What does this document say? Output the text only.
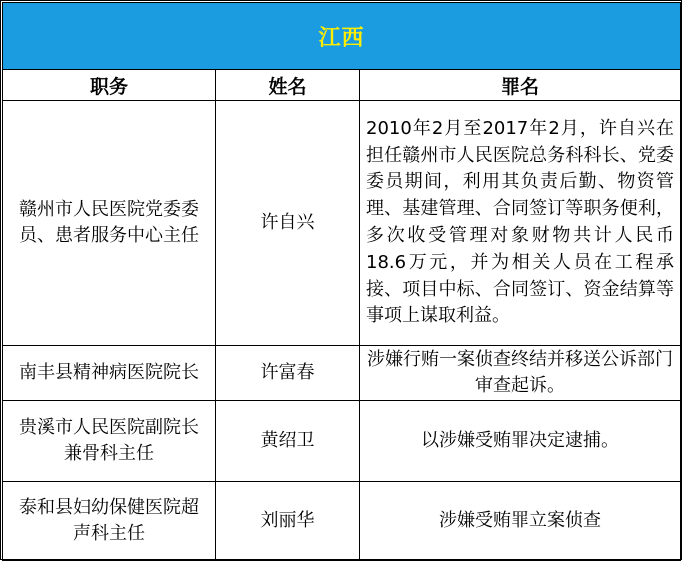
江西		
职务	姓名	罪名
赣州市人民医院党委委员、患者服务中心主任	许自兴	2010年2月至2017年2月，许自兴在担任赣州市人民医院总务科科长、党委委员期间，利用其负责后勤、物资管理、基建管理、合同签订等职务便利，多次收受管理对象财物共计人民币18.6万元，并为相关人员在工程承接、项目中标、合同签订、资金结算等事项上谋取利益。
南丰县精神病医院院长	许富春	涉嫌行贿一案侦查终结并移送公诉部门审查起诉。
贵溪市人民医院副院长兼骨科主任	黄绍卫	以涉嫌受贿罪决定逮捕。
泰和县妇幼保健医院超声科主任	刘丽华	涉嫌受贿罪立案侦查
